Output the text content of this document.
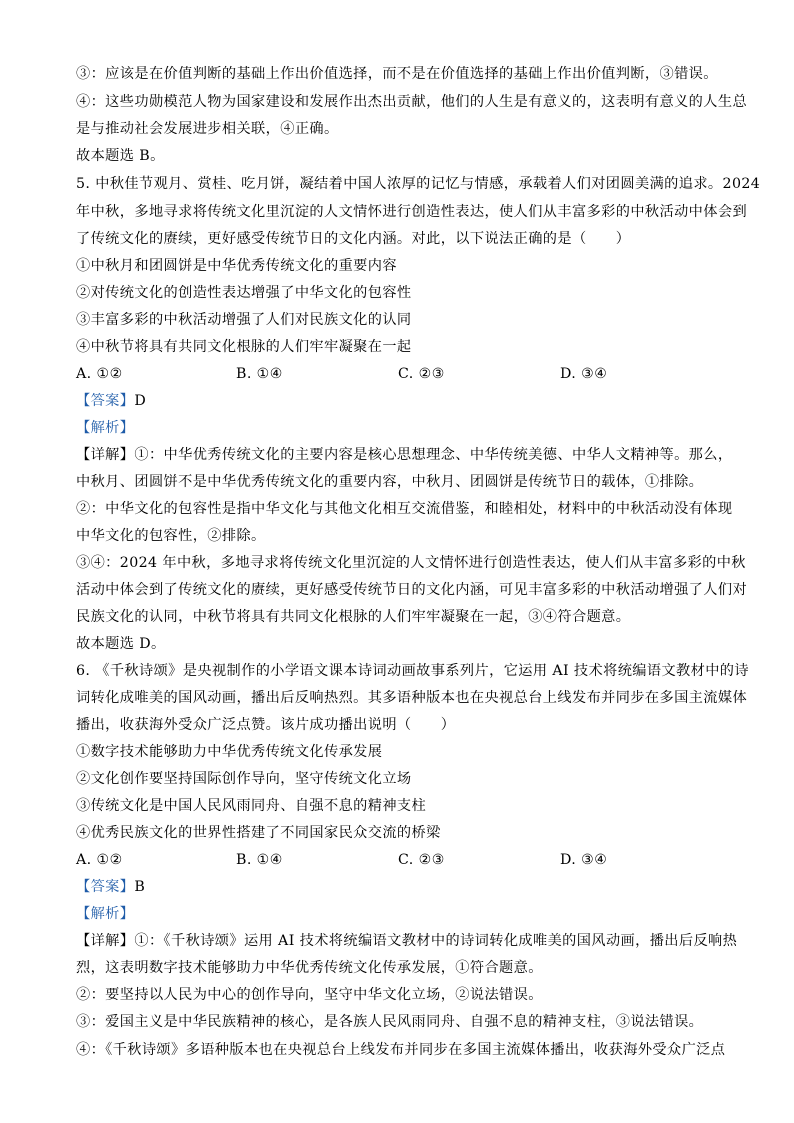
③：应该是在价值判断的基础上作出价值选择，而不是在价值选择的基础上作出价值判断，③错误。
④：这些功勋模范人物为国家建设和发展作出杰出贡献，他们的人生是有意义的，这表明有意义的人生总
是与推动社会发展进步相关联，④正确。
故本题选 B。
5. 中秋佳节观月、赏桂、吃月饼，凝结着中国人浓厚的记忆与情感，承载着人们对团圆美满的追求。2024
年中秋，多地寻求将传统文化里沉淀的人文情怀进行创造性表达，使人们从丰富多彩的中秋活动中体会到
了传统文化的赓续，更好感受传统节日的文化内涵。对此，以下说法正确的是（　　）
①中秋月和团圆饼是中华优秀传统文化的重要内容
②对传统文化的创造性表达增强了中华文化的包容性
③丰富多彩的中秋活动增强了人们对民族文化的认同
④中秋节将具有共同文化根脉的人们牢牢凝聚在一起
A. ①②	B. ①④	C. ②③	D. ③④
【答案】D
【解析】
【详解】①：中华优秀传统文化的主要内容是核心思想理念、中华传统美德、中华人文精神等。那么，
中秋月、团圆饼不是中华优秀传统文化的重要内容，中秋月、团圆饼是传统节日的载体，①排除。
②：中华文化的包容性是指中华文化与其他文化相互交流借鉴，和睦相处，材料中的中秋活动没有体现
中华文化的包容性，②排除。
③④：2024 年中秋，多地寻求将传统文化里沉淀的人文情怀进行创造性表达，使人们从丰富多彩的中秋
活动中体会到了传统文化的赓续，更好感受传统节日的文化内涵，可见丰富多彩的中秋活动增强了人们对
民族文化的认同，中秋节将具有共同文化根脉的人们牢牢凝聚在一起，③④符合题意。
故本题选 D。
6. 《千秋诗颂》是央视制作的小学语文课本诗词动画故事系列片，它运用 AI 技术将统编语文教材中的诗
词转化成唯美的国风动画，播出后反响热烈。其多语种版本也在央视总台上线发布并同步在多国主流媒体
播出，收获海外受众广泛点赞。该片成功播出说明（　　）
①数字技术能够助力中华优秀传统文化传承发展
②文化创作要坚持国际创作导向，坚守传统文化立场
③传统文化是中国人民风雨同舟、自强不息的精神支柱
④优秀民族文化的世界性搭建了不同国家民众交流的桥梁
A. ①②	B. ①④	C. ②③	D. ③④
【答案】B
【解析】
【详解】①：《千秋诗颂》运用 AI 技术将统编语文教材中的诗词转化成唯美的国风动画，播出后反响热
烈，这表明数字技术能够助力中华优秀传统文化传承发展，①符合题意。
②：要坚持以人民为中心的创作导向，坚守中华文化立场，②说法错误。
③：爱国主义是中华民族精神的核心，是各族人民风雨同舟、自强不息的精神支柱，③说法错误。
④：《千秋诗颂》多语种版本也在央视总台上线发布并同步在多国主流媒体播出，收获海外受众广泛点
